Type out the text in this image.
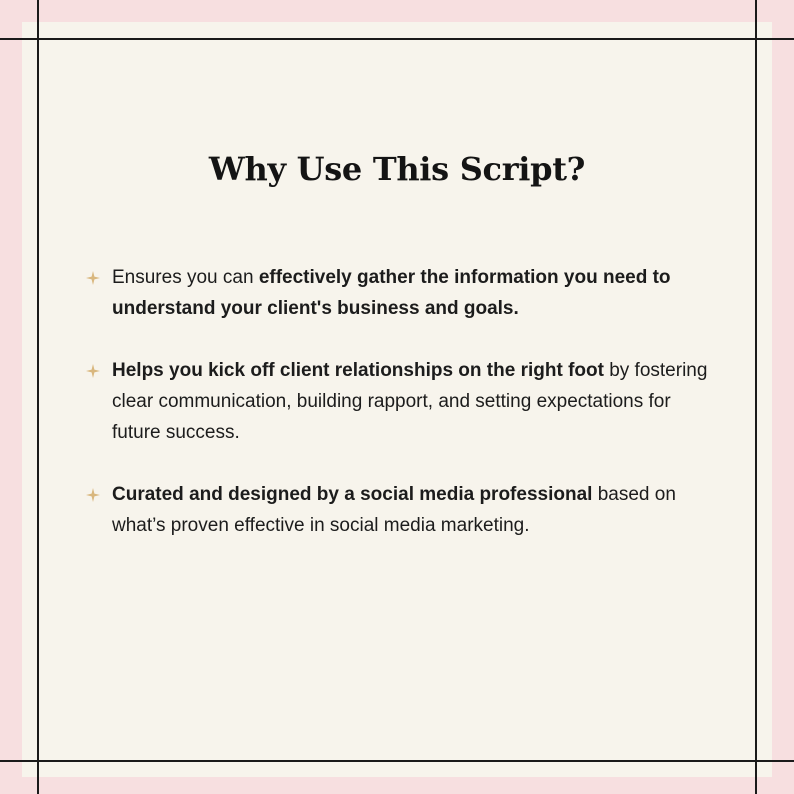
Why Use This Script?
Ensures you can effectively gather the information you need to understand your client's business and goals.
Helps you kick off client relationships on the right foot by fostering clear communication, building rapport, and setting expectations for future success.
Curated and designed by a social media professional based on what’s proven effective in social media marketing.
